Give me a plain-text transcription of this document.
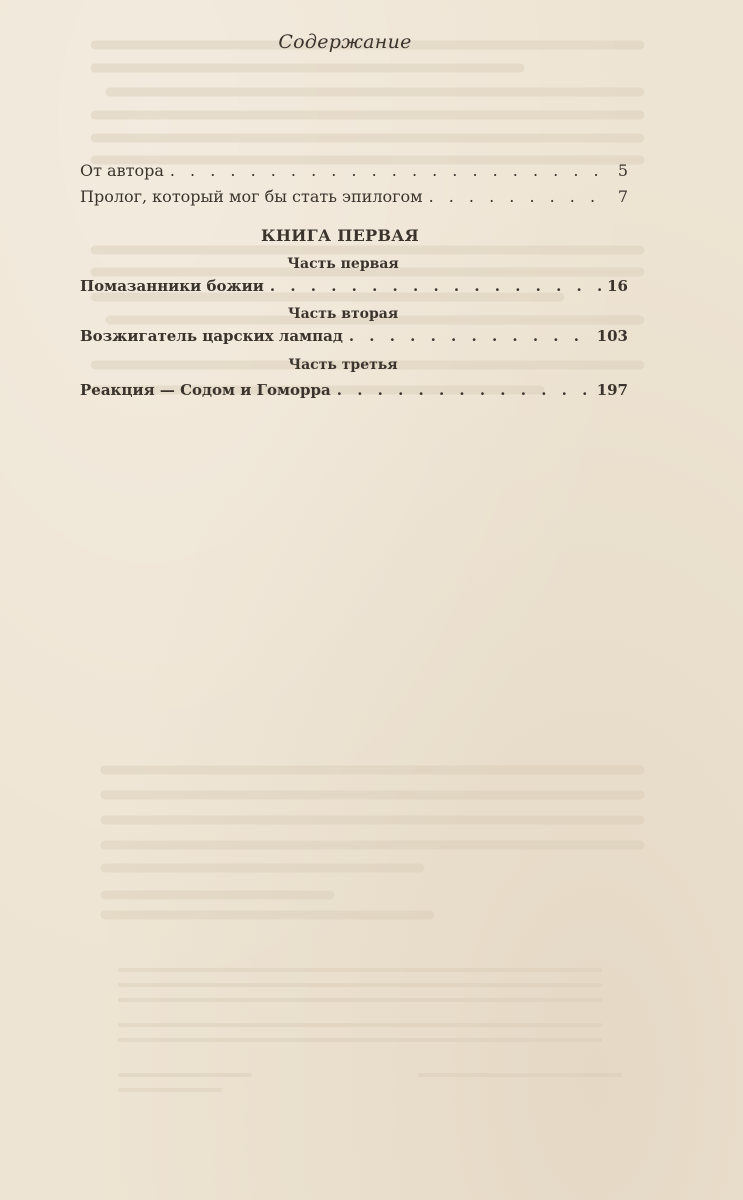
Содержание
От автора . . .	5
Пролог, который мог бы стать эпилогом . . .	7
КНИГА ПЕРВАЯ
Часть первая
Помазанники божии . . .	16
Часть вторая
Возжигатель царских лампад . . .	103
Часть третья
Реакция — Содом и Гоморра . . .	197
